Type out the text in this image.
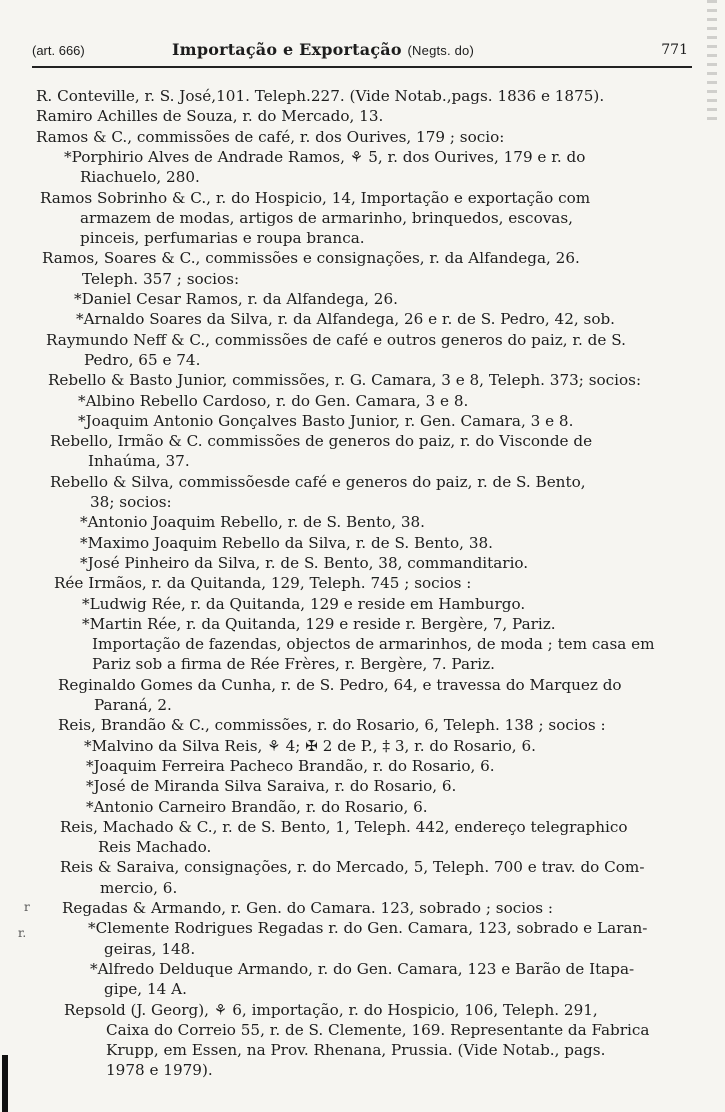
(art. 666)	Importação e Exportação (Negts. do)	771
R. Conteville, r. S. José,101. Teleph.227. (Vide Notab.,pags. 1836 e 1875).
Ramiro Achilles de Souza, r. do Mercado, 13.
Ramos & C., commissões de café, r. dos Ourives, 179 ; socio:
*Porphirio Alves de Andrade Ramos, ⚘ 5, r. dos Ourives, 179 e r. do
Riachuelo, 280.
Ramos Sobrinho & C., r. do Hospicio, 14, Importação e exportação com
armazem de modas, artigos de armarinho, brinquedos, escovas,
pinceis, perfumarias e roupa branca.
Ramos, Soares & C., commissões e consignações, r. da Alfandega, 26.
Teleph. 357 ; socios:
*Daniel Cesar Ramos, r. da Alfandega, 26.
*Arnaldo Soares da Silva, r. da Alfandega, 26 e r. de S. Pedro, 42, sob.
Raymundo Neff & C., commissões de café e outros generos do paiz, r. de S.
Pedro, 65 e 74.
Rebello & Basto Junior, commissões, r. G. Camara, 3 e 8, Teleph. 373; socios:
*Albino Rebello Cardoso, r. do Gen. Camara, 3 e 8.
*Joaquim Antonio Gonçalves Basto Junior, r. Gen. Camara, 3 e 8.
Rebello, Irmão & C. commissões de generos do paiz, r. do Visconde de
Inhaúma, 37.
Rebello & Silva, commissõesde café e generos do paiz, r. de S. Bento,
38; socios:
*Antonio Joaquim Rebello, r. de S. Bento, 38.
*Maximo Joaquim Rebello da Silva, r. de S. Bento, 38.
*José Pinheiro da Silva, r. de S. Bento, 38, commanditario.
Rée Irmãos, r. da Quitanda, 129, Teleph. 745 ; socios :
*Ludwig Rée, r. da Quitanda, 129 e reside em Hamburgo.
*Martin Rée, r. da Quitanda, 129 e reside r. Bergère, 7, Pariz.
Importação de fazendas, objectos de armarinhos, de moda ; tem casa em
Pariz sob a firma de Rée Frères, r. Bergère, 7. Pariz.
Reginaldo Gomes da Cunha, r. de S. Pedro, 64, e travessa do Marquez do
Paraná, 2.
Reis, Brandão & C., commissões, r. do Rosario, 6, Teleph. 138 ; socios :
*Malvino da Silva Reis, ⚘ 4; ✠ 2 de P., ‡ 3, r. do Rosario, 6.
*Joaquim Ferreira Pacheco Brandão, r. do Rosario, 6.
*José de Miranda Silva Saraiva, r. do Rosario, 6.
*Antonio Carneiro Brandão, r. do Rosario, 6.
Reis, Machado & C., r. de S. Bento, 1, Teleph. 442, endereço telegraphico
Reis Machado.
Reis & Saraiva, consignações, r. do Mercado, 5, Teleph. 700 e trav. do Com-
mercio, 6.
Regadas & Armando, r. Gen. do Camara. 123, sobrado ; socios :
*Clemente Rodrigues Regadas r. do Gen. Camara, 123, sobrado e Laran-
geiras, 148.
*Alfredo Delduque Armando, r. do Gen. Camara, 123 e Barão de Itapa-
gipe, 14 A.
Repsold (J. Georg), ⚘ 6, importação, r. do Hospicio, 106, Teleph. 291,
Caixa do Correio 55, r. de S. Clemente, 169. Representante da Fabrica
Krupp, em Essen, na Prov. Rhenana, Prussia. (Vide Notab., pags.
1978 e 1979).
r
r.
